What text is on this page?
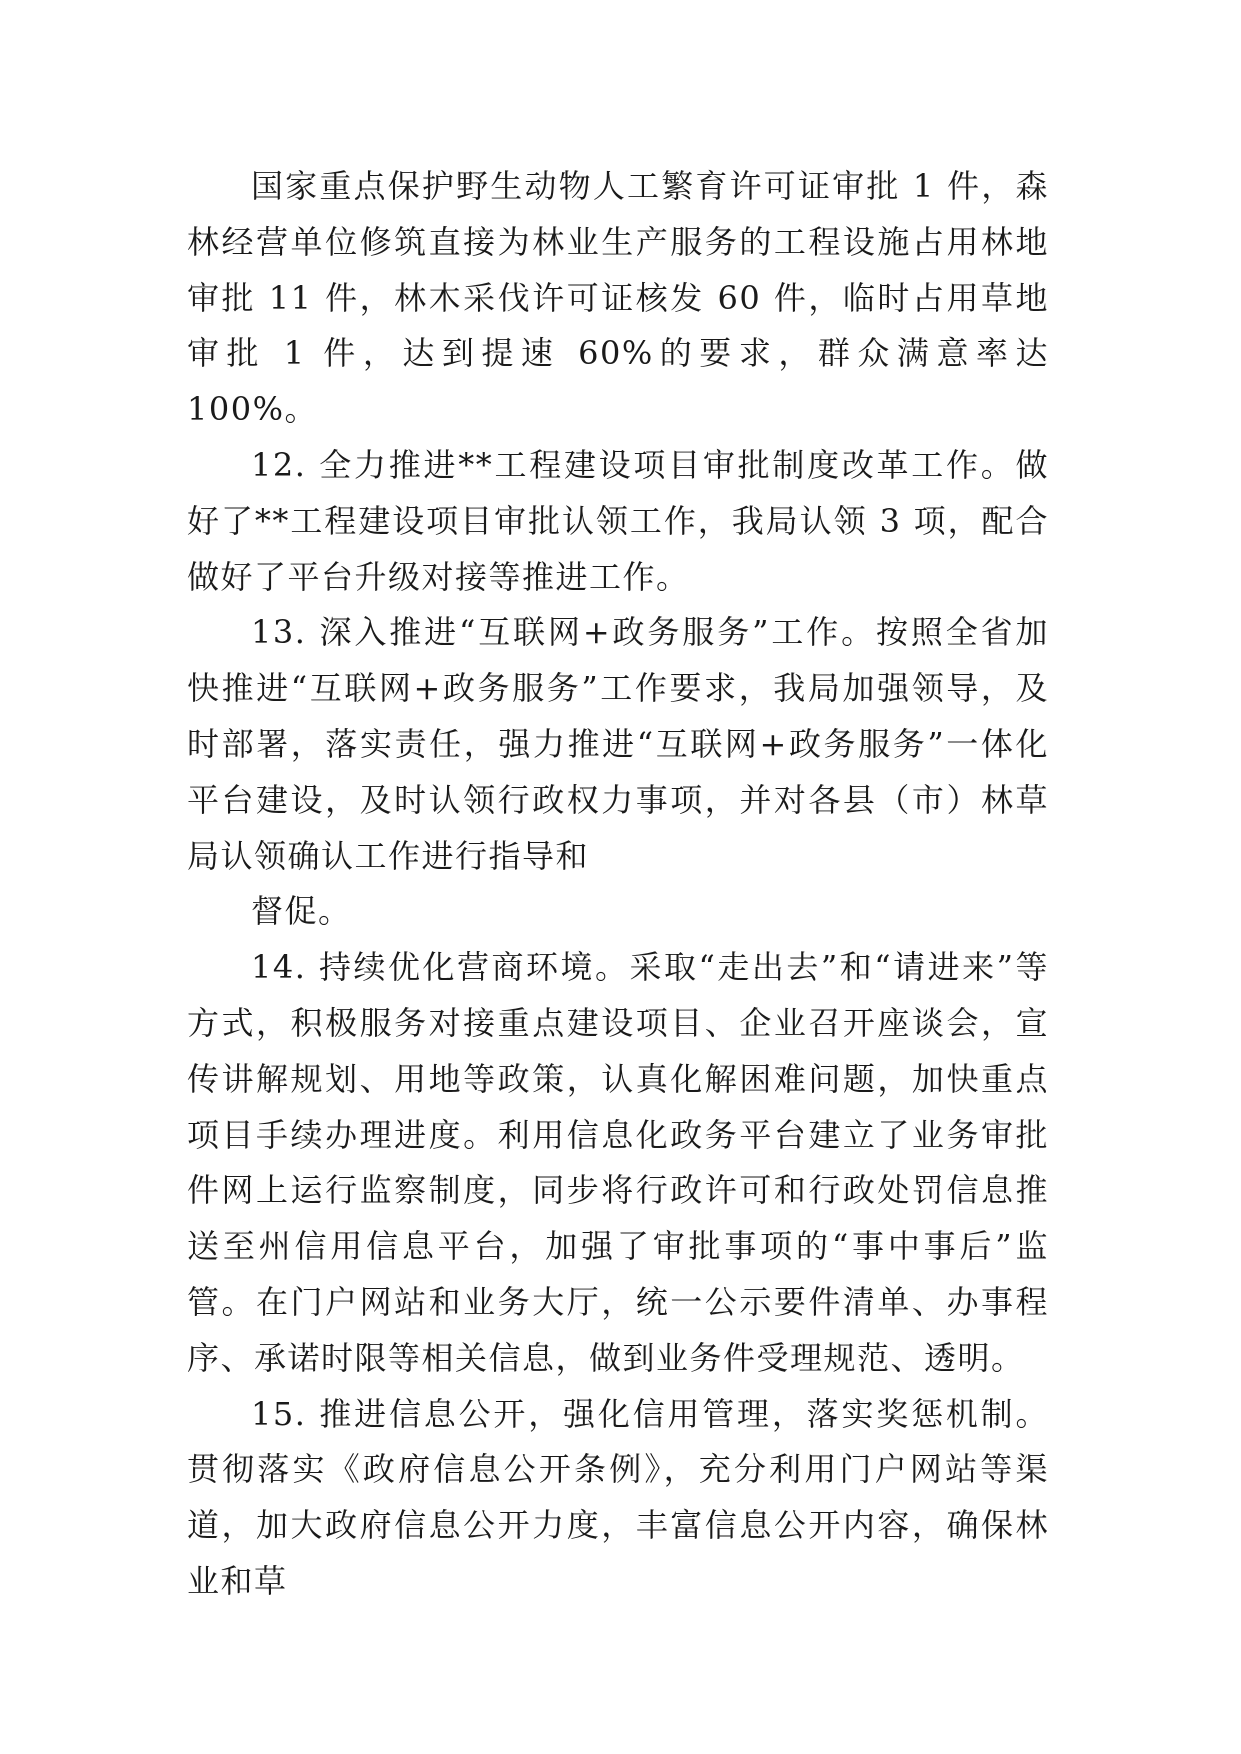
国家重点保护野生动物人工繁育许可证审批 1 件，森林经营单位修筑直接为林业生产服务的工程设施占用林地审批 11 件，林木采伐许可证核发 60 件，临时占用草地审批 1 件，达到提速 60%的要求，群众满意率达 100%。

12. 全力推进**工程建设项目审批制度改革工作。做好了**工程建设项目审批认领工作，我局认领 3 项，配合做好了平台升级对接等推进工作。

13. 深入推进“互联网+政务服务”工作。按照全省加快推进“互联网+政务服务”工作要求，我局加强领导，及时部署，落实责任，强力推进“互联网+政务服务”一体化平台建设，及时认领行政权力事项，并对各县（市）林草局认领确认工作进行指导和

督促。

14. 持续优化营商环境。采取“走出去”和“请进来”等方式，积极服务对接重点建设项目、企业召开座谈会，宣传讲解规划、用地等政策，认真化解困难问题，加快重点项目手续办理进度。利用信息化政务平台建立了业务审批件网上运行监察制度，同步将行政许可和行政处罚信息推送至州信用信息平台，加强了审批事项的“事中事后”监管。在门户网站和业务大厅，统一公示要件清单、办事程序、承诺时限等相关信息，做到业务件受理规范、透明。

15. 推进信息公开，强化信用管理，落实奖惩机制。贯彻落实《政府信息公开条例》，充分利用门户网站等渠道，加大政府信息公开力度，丰富信息公开内容，确保林业和草
